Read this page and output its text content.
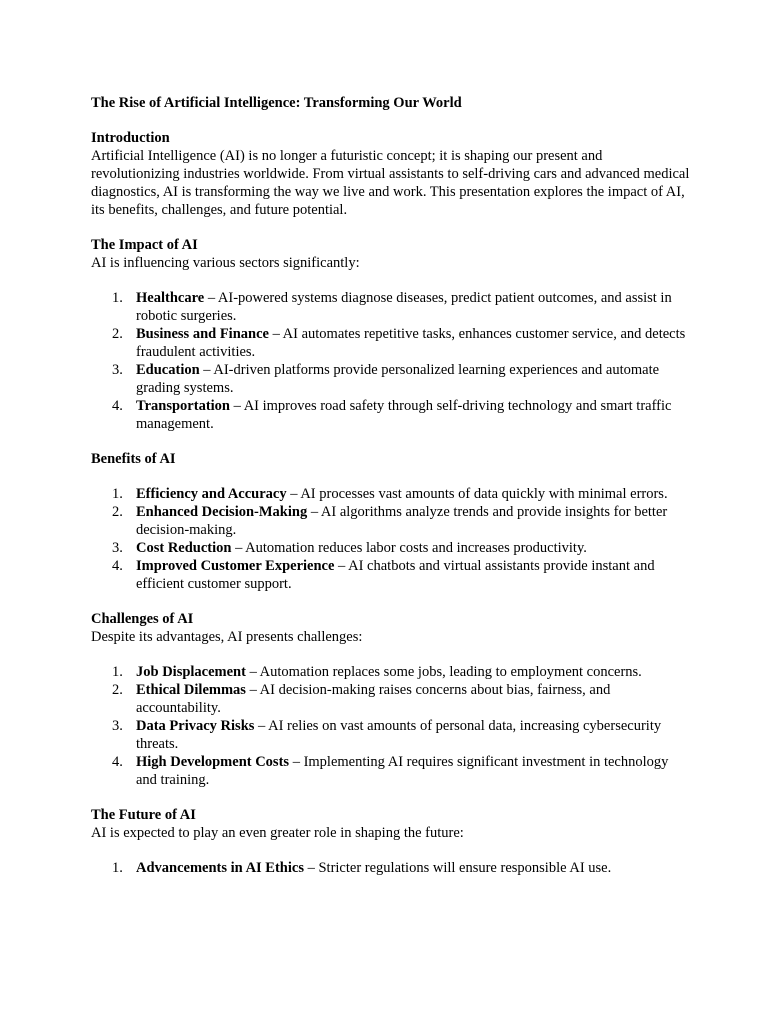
The Rise of Artificial Intelligence: Transforming Our World

Introduction

Artificial Intelligence (AI) is no longer a futuristic concept; it is shaping our present and revolutionizing industries worldwide. From virtual assistants to self-driving cars and advanced medical diagnostics, AI is transforming the way we live and work. This presentation explores the impact of AI, its benefits, challenges, and future potential.

The Impact of AI

AI is influencing various sectors significantly:

1. Healthcare – AI-powered systems diagnose diseases, predict patient outcomes, and assist in robotic surgeries.
2. Business and Finance – AI automates repetitive tasks, enhances customer service, and detects fraudulent activities.
3. Education – AI-driven platforms provide personalized learning experiences and automate grading systems.
4. Transportation – AI improves road safety through self-driving technology and smart traffic management.

Benefits of AI

1. Efficiency and Accuracy – AI processes vast amounts of data quickly with minimal errors.
2. Enhanced Decision-Making – AI algorithms analyze trends and provide insights for better decision-making.
3. Cost Reduction – Automation reduces labor costs and increases productivity.
4. Improved Customer Experience – AI chatbots and virtual assistants provide instant and efficient customer support.

Challenges of AI

Despite its advantages, AI presents challenges:

1. Job Displacement – Automation replaces some jobs, leading to employment concerns.
2. Ethical Dilemmas – AI decision-making raises concerns about bias, fairness, and accountability.
3. Data Privacy Risks – AI relies on vast amounts of personal data, increasing cybersecurity threats.
4. High Development Costs – Implementing AI requires significant investment in technology and training.

The Future of AI

AI is expected to play an even greater role in shaping the future:

1. Advancements in AI Ethics – Stricter regulations will ensure responsible AI use.
